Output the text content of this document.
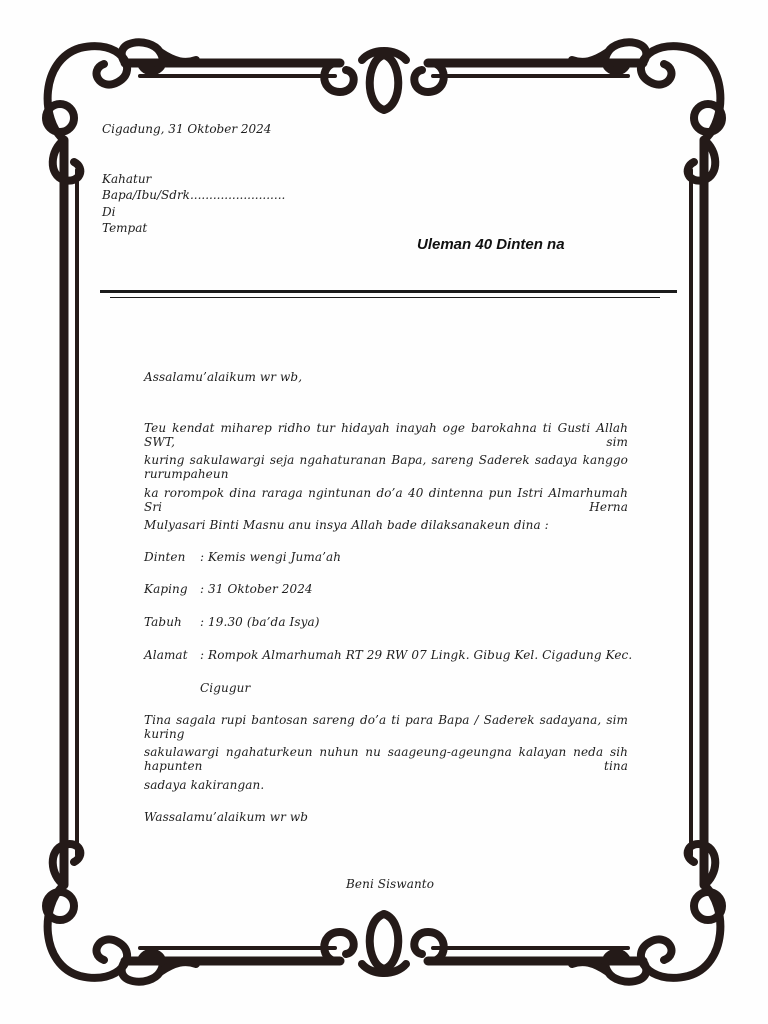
Cigadung, 31 Oktober 2024
Kahatur
Bapa/Ibu/Sdrk.........................
Di
Tempat
Uleman 40 Dinten na
Assalamu’alaikum wr wb,
Teu kendat miharep ridho tur hidayah inayah oge barokahna ti Gusti Allah SWT, sim
kuring sakulawargi seja ngahaturanan Bapa, sareng Saderek sadaya kanggo rurumpaheun
ka rorompok dina raraga ngintunan do’a 40 dintenna pun Istri Almarhumah Sri Herna
Mulyasari Binti Masnu anu insya Allah bade dilaksanakeun dina :
Dinten : Kemis wengi Juma’ah
Kaping : 31 Oktober 2024
Tabuh : 19.30 (ba’da Isya)
Alamat : Rompok Almarhumah RT 29 RW 07 Lingk. Gibug Kel. Cigadung Kec.
Cigugur
Tina sagala rupi bantosan sareng do’a ti para Bapa / Saderek sadayana, sim kuring
sakulawargi ngahaturkeun nuhun nu saageung-ageungna kalayan neda sih hapunten tina
sadaya kakirangan.
Wassalamu’alaikum wr wb
Beni Siswanto
